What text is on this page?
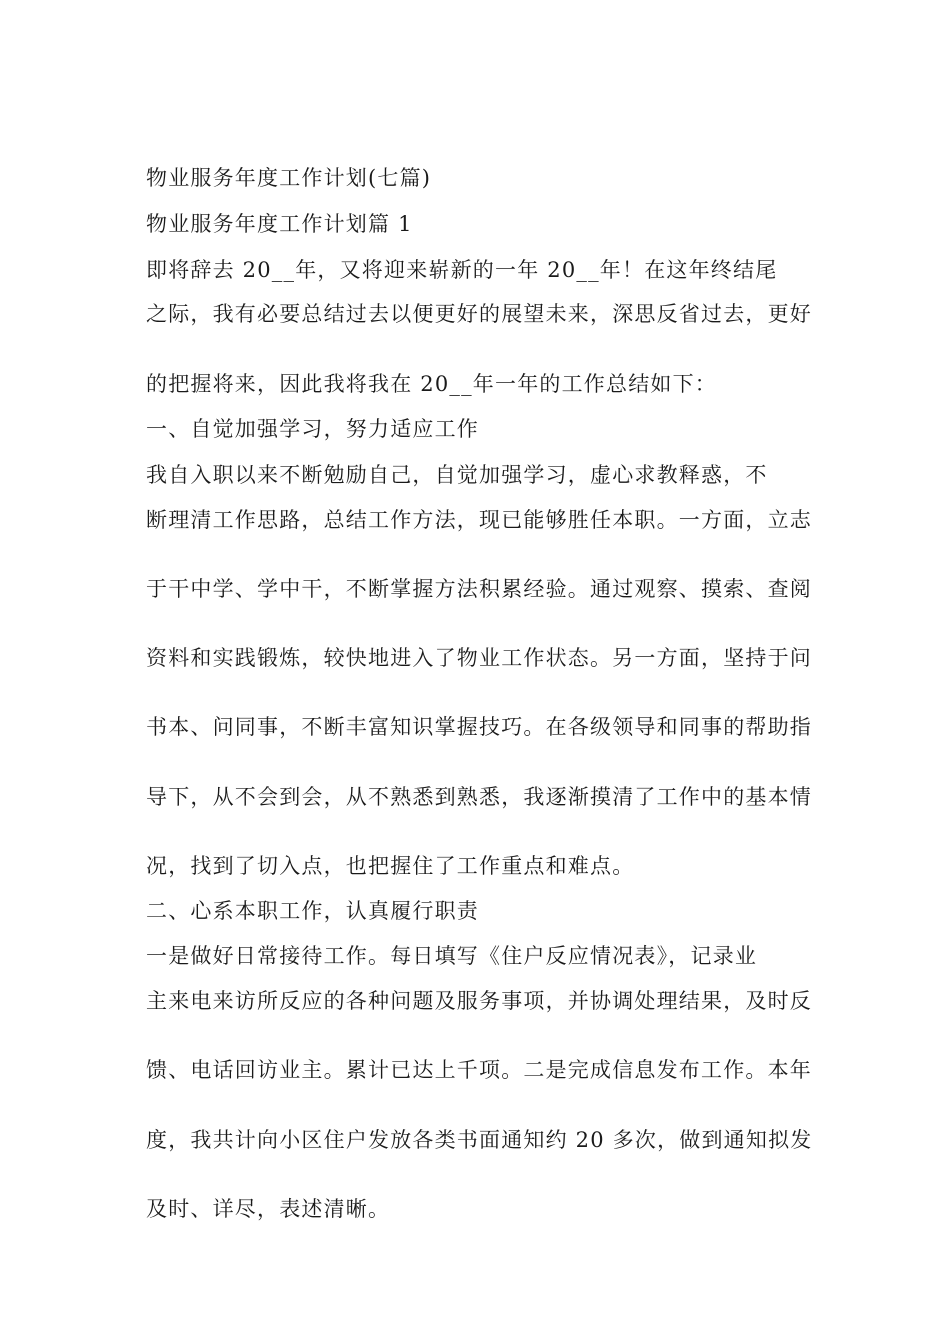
物业服务年度工作计划(七篇)
物业服务年度工作计划篇 1
即将辞去 20__年，又将迎来崭新的一年 20__年！在这年终结尾
之际，我有必要总结过去以便更好的展望未来，深思反省过去，更好
的把握将来，因此我将我在 20__年一年的工作总结如下：
一、自觉加强学习，努力适应工作
我自入职以来不断勉励自己，自觉加强学习，虚心求教释惑，不
断理清工作思路，总结工作方法，现已能够胜任本职。一方面，立志
于干中学、学中干，不断掌握方法积累经验。通过观察、摸索、查阅
资料和实践锻炼，较快地进入了物业工作状态。另一方面，坚持于问
书本、问同事，不断丰富知识掌握技巧。在各级领导和同事的帮助指
导下，从不会到会，从不熟悉到熟悉，我逐渐摸清了工作中的基本情
况，找到了切入点，也把握住了工作重点和难点。
二、心系本职工作，认真履行职责
一是做好日常接待工作。每日填写《住户反应情况表》，记录业
主来电来访所反应的各种问题及服务事项，并协调处理结果，及时反
馈、电话回访业主。累计已达上千项。二是完成信息发布工作。本年
度，我共计向小区住户发放各类书面通知约 20 多次，做到通知拟发
及时、详尽，表述清晰。
